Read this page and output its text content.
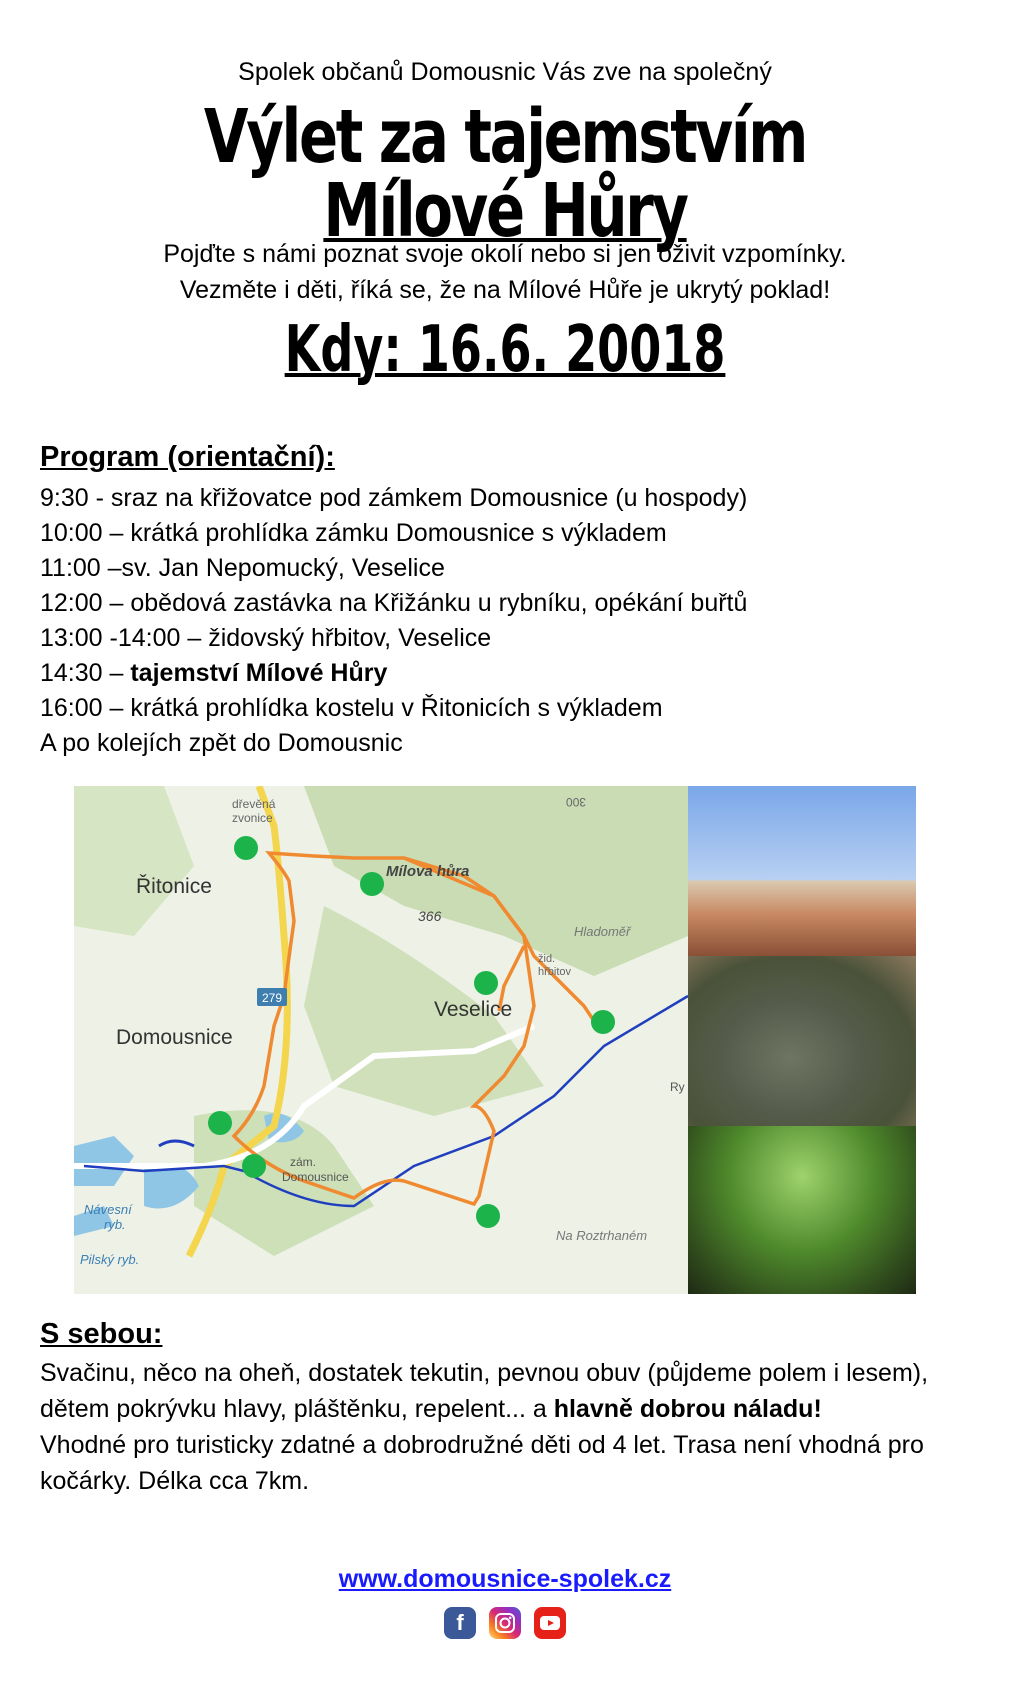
Spolek občanů Domousnic Vás zve na společný
Výlet za tajemstvím Mílové Hůry
Pojďte s námi poznat svoje okolí nebo si jen oživit vzpomínky.
Vezměte i děti, říká se, že na Mílové Hůře je ukrytý poklad!
Kdy: 16.6. 20018
Program (orientační):
9:30 - sraz na křižovatce pod zámkem Domousnice (u hospody)
10:00 – krátká prohlídka zámku Domousnice s výkladem
11:00 –sv. Jan Nepomucký, Veselice
12:00 – obědová zastávka na Křižánku u rybníku, opékání buřtů
13:00 -14:00 – židovský hřbitov, Veselice
14:30 – tajemství Mílové Hůry
16:00 – krátká prohlídka kostelu v Řitonicích s výkladem
A po kolejích zpět do Domousnic
279
Řitonice
dřevěná
zvonice
Mílova hůra
366
300
Hladoměř
žid.
hřbitov
Veselice
Domousnice
zám.
Domousnice
Návesní
ryb.
Pilský ryb.
Na Roztrhaném
Ry
S sebou:
Svačinu, něco na oheň, dostatek tekutin, pevnou obuv (půjdeme polem i lesem), dětem pokrývku hlavy, pláštěnku, repelent... a hlavně dobrou náladu!
Vhodné pro turisticky zdatné a dobrodružné děti od 4 let. Trasa není vhodná pro kočárky. Délka cca 7km.
www.domousnice-spolek.cz
f
